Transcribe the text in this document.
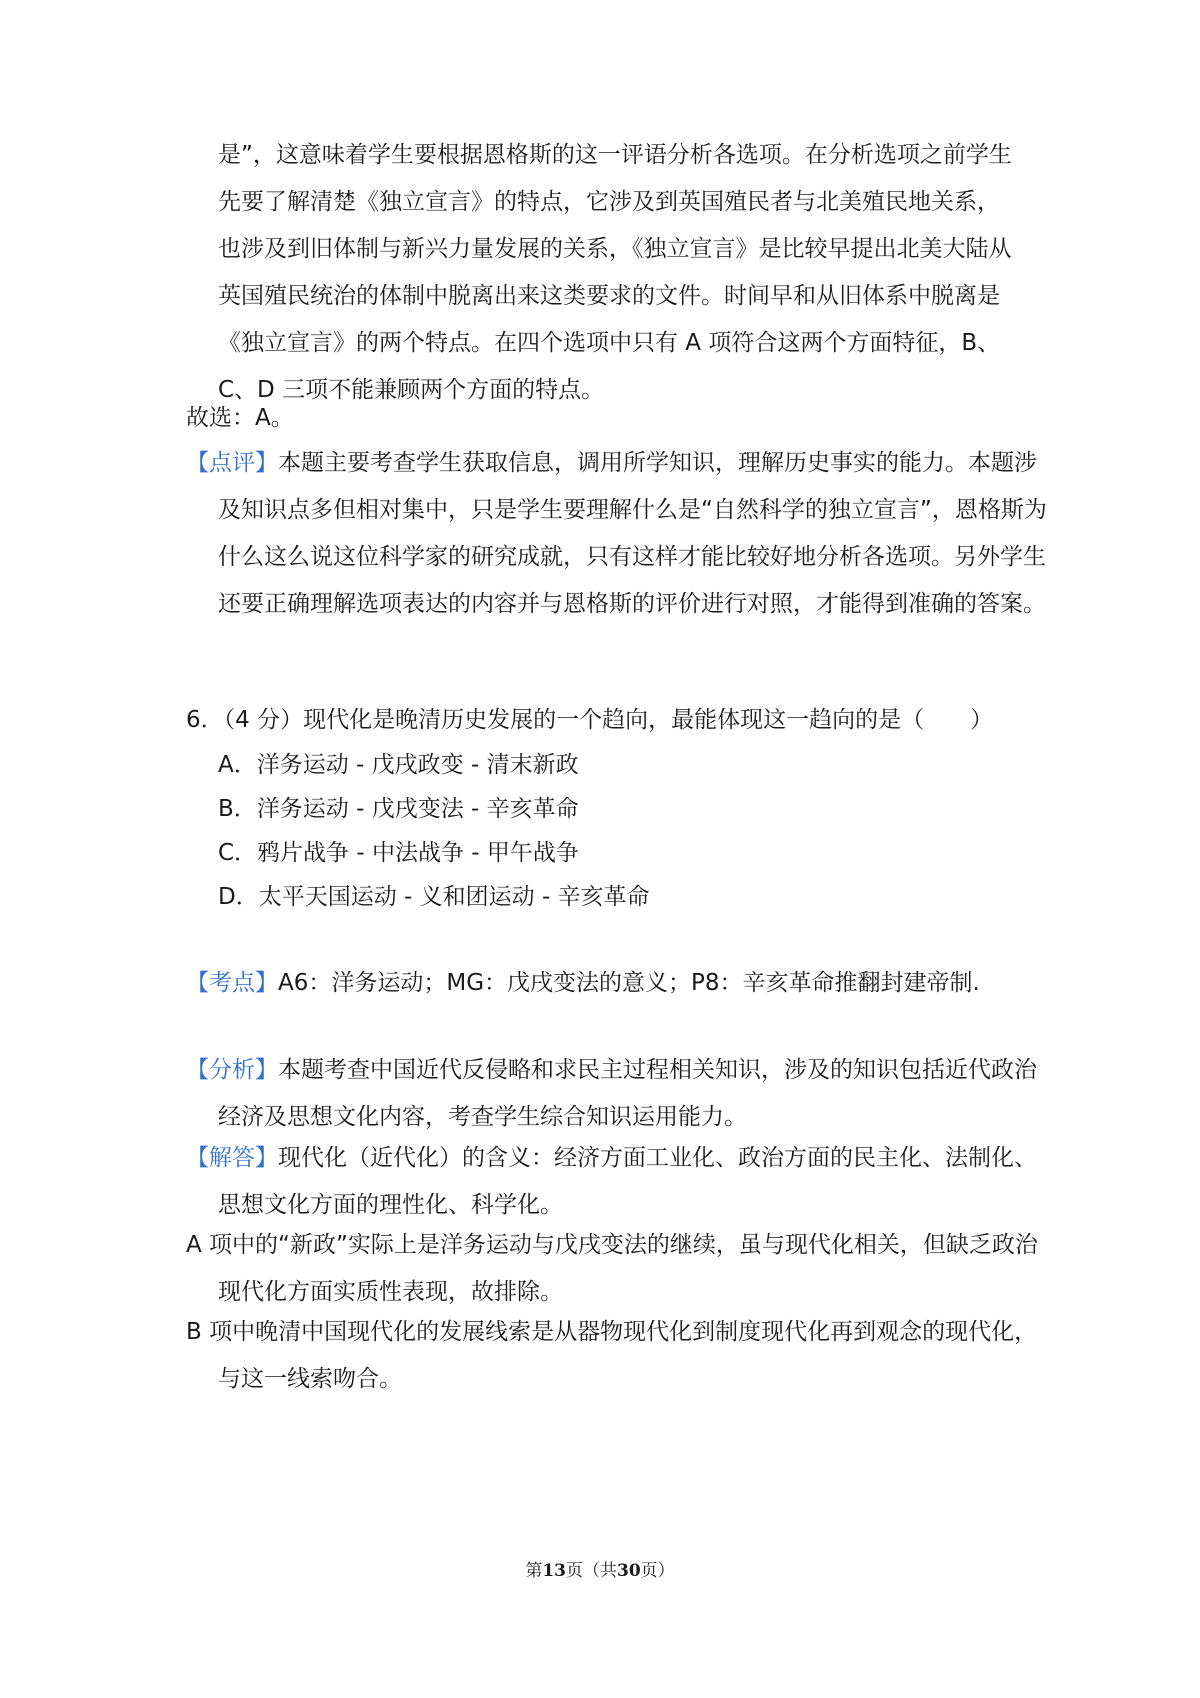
是”，这意味着学生要根据恩格斯的这一评语分析各选项。在分析选项之前学生先要了解清楚《独立宣言》的特点，它涉及到英国殖民者与北美殖民地关系，也涉及到旧体制与新兴力量发展的关系，《独立宣言》是比较早提出北美大陆从英国殖民统治的体制中脱离出来这类要求的文件。时间早和从旧体系中脱离是《独立宣言》的两个特点。在四个选项中只有 A 项符合这两个方面特征，B、C、D 三项不能兼顾两个方面的特点。

故选：A。

【点评】本题主要考查学生获取信息，调用所学知识，理解历史事实的能力。本题涉及知识点多但相对集中，只是学生要理解什么是“自然科学的独立宣言”，恩格斯为什么这么说这位科学家的研究成就，只有这样才能比较好地分析各选项。另外学生还要正确理解选项表达的内容并与恩格斯的评价进行对照，才能得到准确的答案。

6．（4 分）现代化是晚清历史发展的一个趋向，最能体现这一趋向的是（　　）

A．洋务运动 - 戊戌政变 - 清末新政

B．洋务运动 - 戊戌变法 - 辛亥革命

C．鸦片战争 - 中法战争 - 甲午战争

D．太平天国运动 - 义和团运动 - 辛亥革命

【考点】A6：洋务运动；MG：戊戌变法的意义；P8：辛亥革命推翻封建帝制.

【分析】本题考查中国近代反侵略和求民主过程相关知识，涉及的知识包括近代政治经济及思想文化内容，考查学生综合知识运用能力。

【解答】现代化（近代化）的含义：经济方面工业化、政治方面的民主化、法制化、思想文化方面的理性化、科学化。

A 项中的“新政”实际上是洋务运动与戊戌变法的继续，虽与现代化相关，但缺乏政治现代化方面实质性表现，故排除。

B 项中晚清中国现代化的发展线索是从器物现代化到制度现代化再到观念的现代化，与这一线索吻合。

第13页（共30页）
